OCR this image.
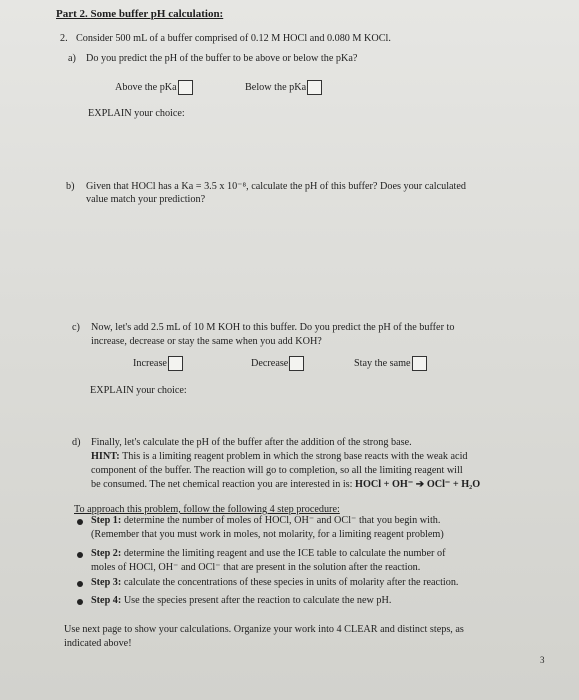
Part 2. Some buffer pH calculation:
2. Consider 500 mL of a buffer comprised of 0.12 M HOCl and 0.080 M KOCl.
a) Do you predict the pH of the buffer to be above or below the pKa?
Above the pKa	Below the pKa
EXPLAIN your choice:
b) Given that HOCl has a Ka = 3.5 x 10⁻⁸, calculate the pH of this buffer? Does your calculated
value match your prediction?
c) Now, let's add 2.5 mL of 10 M KOH to this buffer. Do you predict the pH of the buffer to
increase, decrease or stay the same when you add KOH?
Increase	Decrease	Stay the same
EXPLAIN your choice:
d) Finally, let's calculate the pH of the buffer after the addition of the strong base.
HINT: This is a limiting reagent problem in which the strong base reacts with the weak acid
component of the buffer. The reaction will go to completion, so all the limiting reagent will
be consumed. The net chemical reaction you are interested in is: HOCl + OH⁻ ➔ OCl⁻ + H₂O
To approach this problem, follow the following 4 step procedure:
Step 1: determine the number of moles of HOCl, OH⁻ and OCl⁻ that you begin with.
(Remember that you must work in moles, not molarity, for a limiting reagent problem)
Step 2: determine the limiting reagent and use the ICE table to calculate the number of
moles of HOCl, OH⁻ and OCl⁻ that are present in the solution after the reaction.
Step 3: calculate the concentrations of these species in units of molarity after the reaction.
Step 4: Use the species present after the reaction to calculate the new pH.
Use next page to show your calculations. Organize your work into 4 CLEAR and distinct steps, as
indicated above!
3
